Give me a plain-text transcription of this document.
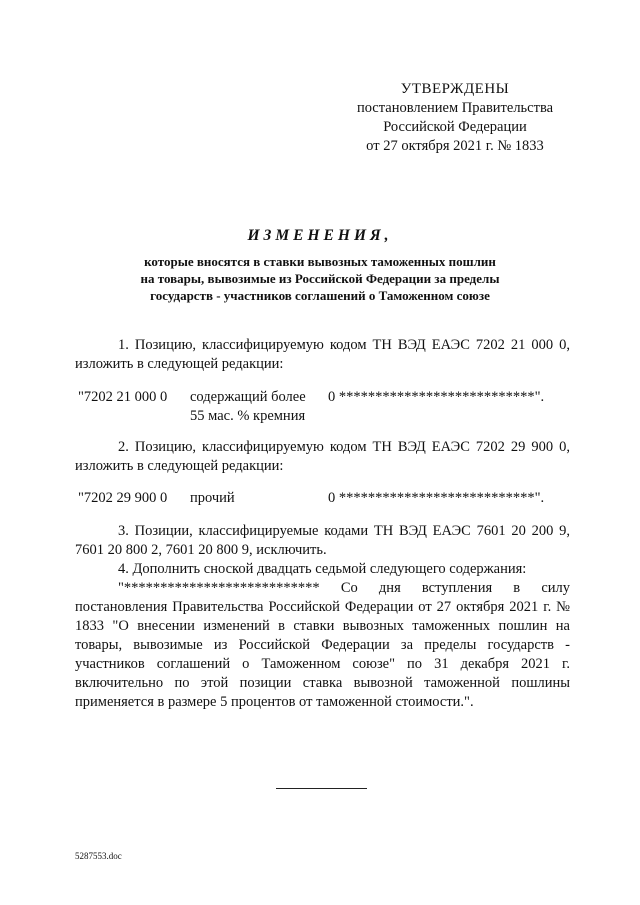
УТВЕРЖДЕНЫ
постановлением Правительства
Российской Федерации
от 27 октября 2021 г. № 1833
ИЗМЕНЕНИЯ,
которые вносятся в ставки вывозных таможенных пошлин
на товары, вывозимые из Российской Федерации за пределы
государств - участников соглашений о Таможенном союзе
1. Позицию, классифицируемую кодом ТН ВЭД ЕАЭС 7202 21 000 0, изложить в следующей редакции:
"7202 21 000 0 содержащий более
55 мас. % кремния
0 ***************************".
2. Позицию, классифицируемую кодом ТН ВЭД ЕАЭС 7202 29 900 0, изложить в следующей редакции:
"7202 29 900 0 прочий	0 ***************************".
3. Позиции, классифицируемые кодами ТН ВЭД ЕАЭС 7601 20 200 9, 7601 20 800 2, 7601 20 800 9, исключить.
4. Дополнить сноской двадцать седьмой следующего содержания:
"*************************** Со дня вступления в силу постановления Правительства Российской Федерации от 27 октября 2021 г. № 1833 "О внесении изменений в ставки вывозных таможенных пошлин на товары, вывозимые из Российской Федерации за пределы государств - участников соглашений о Таможенном союзе" по 31 декабря 2021 г. включительно по этой позиции ставка вывозной таможенной пошлины применяется в размере 5 процентов от таможенной стоимости.".
5287553.doc
